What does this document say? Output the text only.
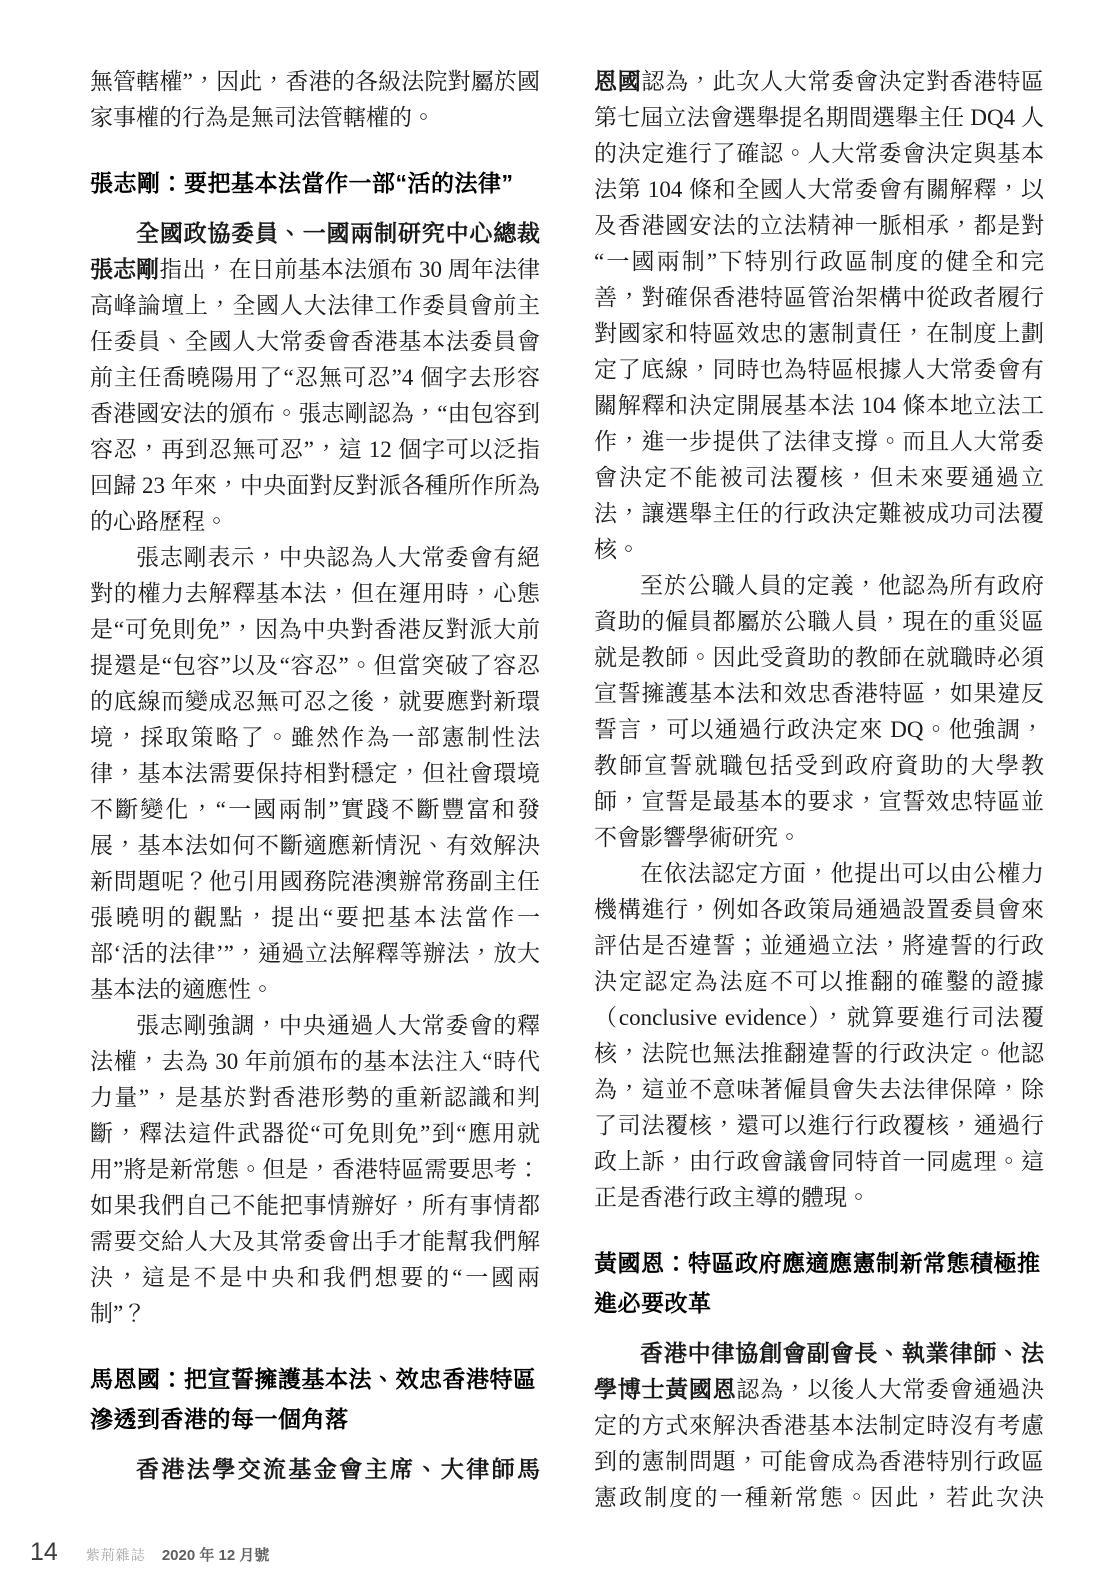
無管轄權”，因此，香港的各級法院對屬於國家事權的行為是無司法管轄權的。

張志剛：要把基本法當作一部“活的法律”

全國政協委員、一國兩制研究中心總裁張志剛指出，在日前基本法頒布 30 周年法律高峰論壇上，全國人大法律工作委員會前主任委員、全國人大常委會香港基本法委員會前主任喬曉陽用了“忍無可忍”4 個字去形容香港國安法的頒布。張志剛認為，“由包容到容忍，再到忍無可忍”，這 12 個字可以泛指回歸 23 年來，中央面對反對派各種所作所為的心路歷程。

張志剛表示，中央認為人大常委會有絕對的權力去解釋基本法，但在運用時，心態是“可免則免”，因為中央對香港反對派大前提還是“包容”以及“容忍”。但當突破了容忍的底線而變成忍無可忍之後，就要應對新環境，採取策略了。雖然作為一部憲制性法律，基本法需要保持相對穩定，但社會環境不斷變化，“一國兩制”實踐不斷豐富和發展，基本法如何不斷適應新情況、有效解決新問題呢？他引用國務院港澳辦常務副主任張曉明的觀點，提出“要把基本法當作一部‘活的法律’”，通過立法解釋等辦法，放大基本法的適應性。

張志剛強調，中央通過人大常委會的釋法權，去為 30 年前頒布的基本法注入“時代力量”，是基於對香港形勢的重新認識和判斷，釋法這件武器從“可免則免”到“應用就用”將是新常態。但是，香港特區需要思考：如果我們自己不能把事情辦好，所有事情都需要交給人大及其常委會出手才能幫我們解決，這是不是中央和我們想要的“一國兩制”？

馬恩國：把宣誓擁護基本法、效忠香港特區滲透到香港的每一個角落

香港法學交流基金會主席、大律師馬

恩國認為，此次人大常委會決定對香港特區第七屆立法會選舉提名期間選舉主任 DQ4 人的決定進行了確認。人大常委會決定與基本法第 104 條和全國人大常委會有關解釋，以及香港國安法的立法精神一脈相承，都是對“一國兩制”下特別行政區制度的健全和完善，對確保香港特區管治架構中從政者履行對國家和特區效忠的憲制責任，在制度上劃定了底線，同時也為特區根據人大常委會有關解釋和決定開展基本法 104 條本地立法工作，進一步提供了法律支撐。而且人大常委會決定不能被司法覆核，但未來要通過立法，讓選舉主任的行政決定難被成功司法覆核。

至於公職人員的定義，他認為所有政府資助的僱員都屬於公職人員，現在的重災區就是教師。因此受資助的教師在就職時必須宣誓擁護基本法和效忠香港特區，如果違反誓言，可以通過行政決定來 DQ。他強調，教師宣誓就職包括受到政府資助的大學教師，宣誓是最基本的要求，宣誓效忠特區並不會影響學術研究。

在依法認定方面，他提出可以由公權力機構進行，例如各政策局通過設置委員會來評估是否違誓；並通過立法，將違誓的行政決定認定為法庭不可以推翻的確鑿的證據（conclusive evidence），就算要進行司法覆核，法院也無法推翻違誓的行政決定。他認為，這並不意味著僱員會失去法律保障，除了司法覆核，還可以進行行政覆核，通過行政上訴，由行政會議會同特首一同處理。這正是香港行政主導的體現。

黃國恩：特區政府應適應憲制新常態積極推進必要改革

香港中律協創會副會長、執業律師、法學博士黃國恩認為，以後人大常委會通過決定的方式來解決香港基本法制定時沒有考慮到的憲制問題，可能會成為香港特別行政區憲政制度的一種新常態。因此，若此次決

14 紫荊雜誌 2020 年 12 月號
